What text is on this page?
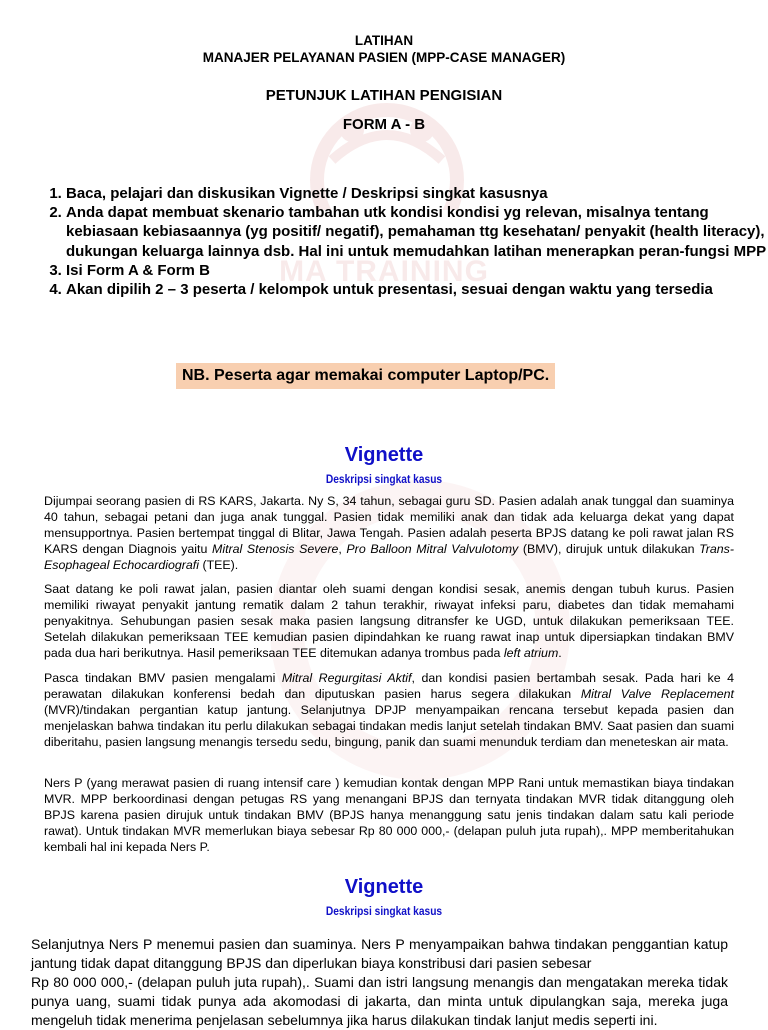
MA TRAINING
LATIHAN
MANAJER PELAYANAN PASIEN (MPP-CASE MANAGER)
PETUNJUK LATIHAN PENGISIAN
FORM A - B
1. Baca, pelajari dan diskusikan Vignette / Deskripsi singkat kasusnya
2. Anda dapat membuat skenario tambahan utk kondisi kondisi yg relevan, misalnya tentang kebiasaan kebiasaannya (yg positif/ negatif), pemahaman ttg kesehatan/ penyakit (health literacy), dukungan keluarga lainnya dsb. Hal ini untuk memudahkan latihan menerapkan peran-fungsi MPP
3. Isi Form A & Form B
4. Akan dipilih 2 – 3 peserta / kelompok untuk presentasi, sesuai dengan waktu yang tersedia
NB. Peserta agar memakai computer Laptop/PC.
Vignette
Deskripsi singkat kasus

Dijumpai seorang pasien di RS KARS, Jakarta. Ny S, 34 tahun, sebagai guru SD. Pasien adalah anak tunggal dan suaminya 40 tahun, sebagai petani dan juga anak tunggal. Pasien tidak memiliki anak dan tidak ada keluarga dekat yang dapat mensupportnya. Pasien bertempat tinggal di Blitar, Jawa Tengah. Pasien adalah peserta BPJS datang ke poli rawat jalan RS KARS dengan Diagnois yaitu Mitral Stenosis Severe, Pro Balloon Mitral Valvulotomy (BMV), dirujuk untuk dilakukan Trans-Esophageal Echocardiografi (TEE).

Saat datang ke poli rawat jalan, pasien diantar oleh suami dengan kondisi sesak, anemis dengan tubuh kurus. Pasien memiliki riwayat penyakit jantung rematik dalam 2 tahun terakhir, riwayat infeksi paru, diabetes dan tidak memahami penyakitnya. Sehubungan pasien sesak maka pasien langsung ditransfer ke UGD, untuk dilakukan pemeriksaan TEE. Setelah dilakukan pemeriksaan TEE kemudian pasien dipindahkan ke ruang rawat inap untuk dipersiapkan tindakan BMV pada dua hari berikutnya. Hasil pemeriksaan TEE ditemukan adanya trombus pada left atrium.

Pasca tindakan BMV pasien mengalami Mitral Regurgitasi Aktif, dan kondisi pasien bertambah sesak. Pada hari ke 4 perawatan dilakukan konferensi bedah dan diputuskan pasien harus segera dilakukan Mitral Valve Replacement (MVR)/tindakan pergantian katup jantung. Selanjutnya DPJP menyampaikan rencana tersebut kepada pasien dan menjelaskan bahwa tindakan itu perlu dilakukan sebagai tindakan medis lanjut setelah tindakan BMV. Saat pasien dan suami diberitahu, pasien langsung menangis tersedu sedu, bingung, panik dan suami menunduk terdiam dan meneteskan air mata.

Ners P (yang merawat pasien di ruang intensif care ) kemudian kontak dengan MPP Rani untuk memastikan biaya tindakan MVR. MPP berkoordinasi dengan petugas RS yang menangani BPJS dan ternyata tindakan MVR tidak ditanggung oleh BPJS karena pasien dirujuk untuk tindakan BMV (BPJS hanya menanggung satu jenis tindakan dalam satu kali periode rawat). Untuk tindakan MVR memerlukan biaya sebesar Rp 80 000 000,- (delapan puluh juta rupah),. MPP memberitahukan kembali hal ini kepada Ners P.

Vignette
Deskripsi singkat kasus

Selanjutnya Ners P menemui pasien dan suaminya. Ners P menyampaikan bahwa tindakan penggantian katup jantung tidak dapat ditanggung BPJS dan diperlukan biaya konstribusi dari pasien sebesar
Rp 80 000 000,- (delapan puluh juta rupah),. Suami dan istri langsung menangis dan mengatakan mereka tidak punya uang, suami tidak punya ada akomodasi di jakarta, dan minta untuk dipulangkan saja, mereka juga mengeluh tidak menerima penjelasan sebelumnya jika harus dilakukan tindak lanjut medis seperti ini.
